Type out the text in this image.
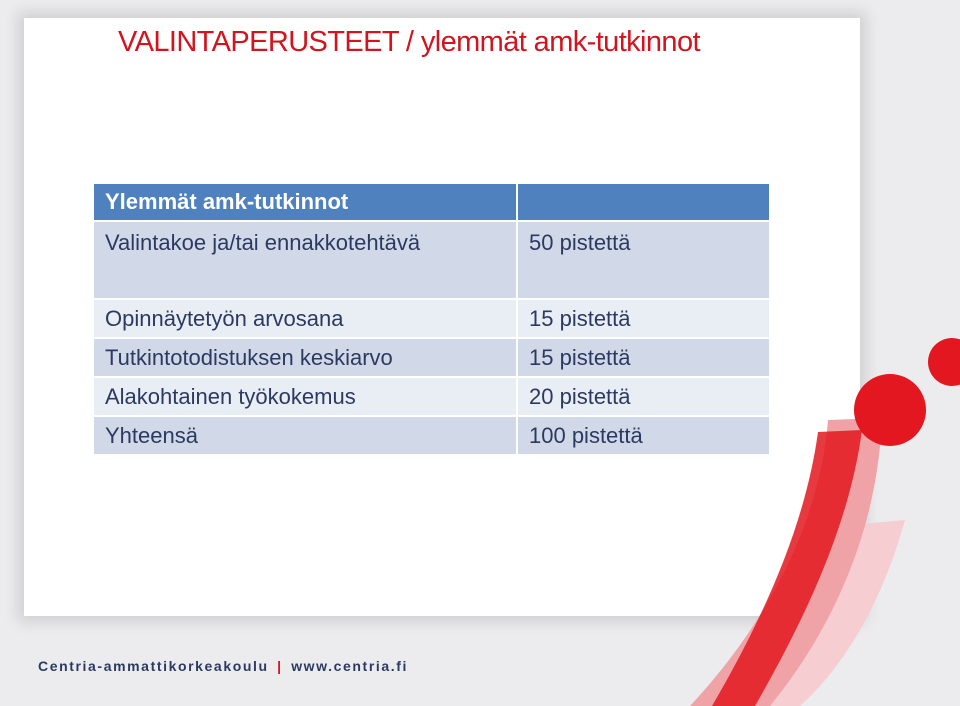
VALINTAPERUSTEET / ylemmät amk-tutkinnot
Ylemmät amk-tutkinnot	
Valintakoe ja/tai ennakkotehtävä	50 pistettä
Opinnäytetyön arvosana	15 pistettä
Tutkintotodistuksen keskiarvo	15 pistettä
Alakohtainen työkokemus	20 pistettä
Yhteensä	100 pistettä

Centria-ammattikorkeakoulu | www.centria.fi
